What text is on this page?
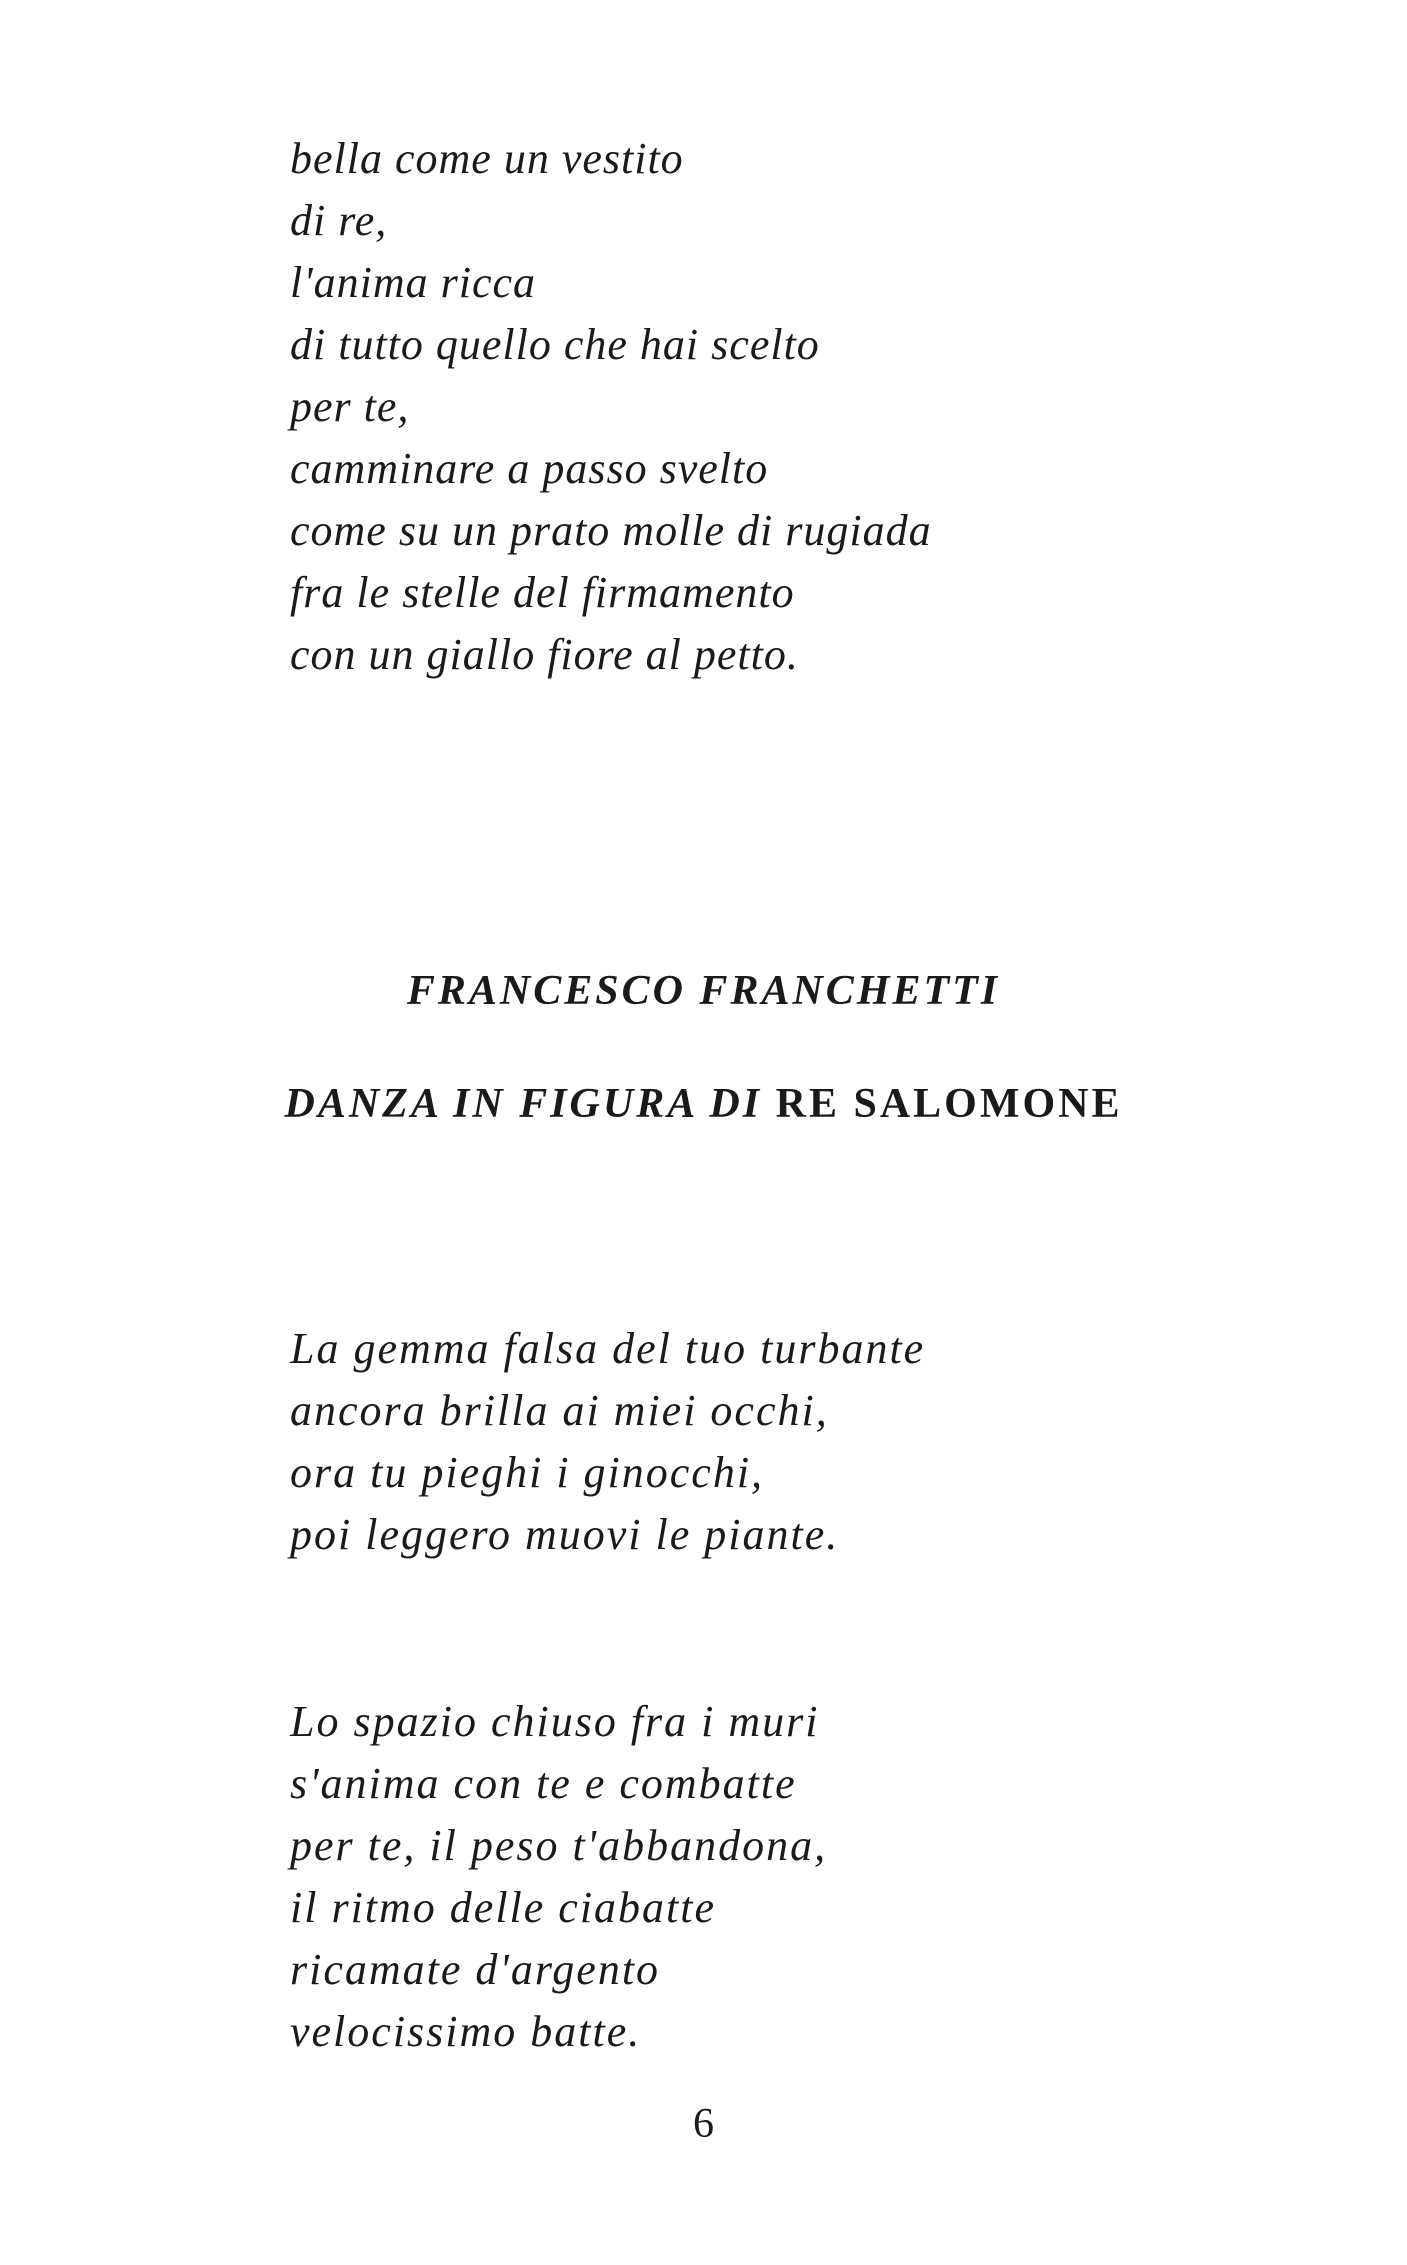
bella come un vestito
di re,
l'anima ricca
di tutto quello che hai scelto
per te,
camminare a passo svelto
come su un prato molle di rugiada
fra le stelle del firmamento
con un giallo fiore al petto.
FRANCESCO FRANCHETTI
DANZA IN FIGURA DI RE SALOMONE
La gemma falsa del tuo turbante
ancora brilla ai miei occhi,
ora tu pieghi i ginocchi,
poi leggero muovi le piante.
Lo spazio chiuso fra i muri
s'anima con te e combatte
per te, il peso t'abbandona,
il ritmo delle ciabatte
ricamate d'argento
velocissimo batte.
6
